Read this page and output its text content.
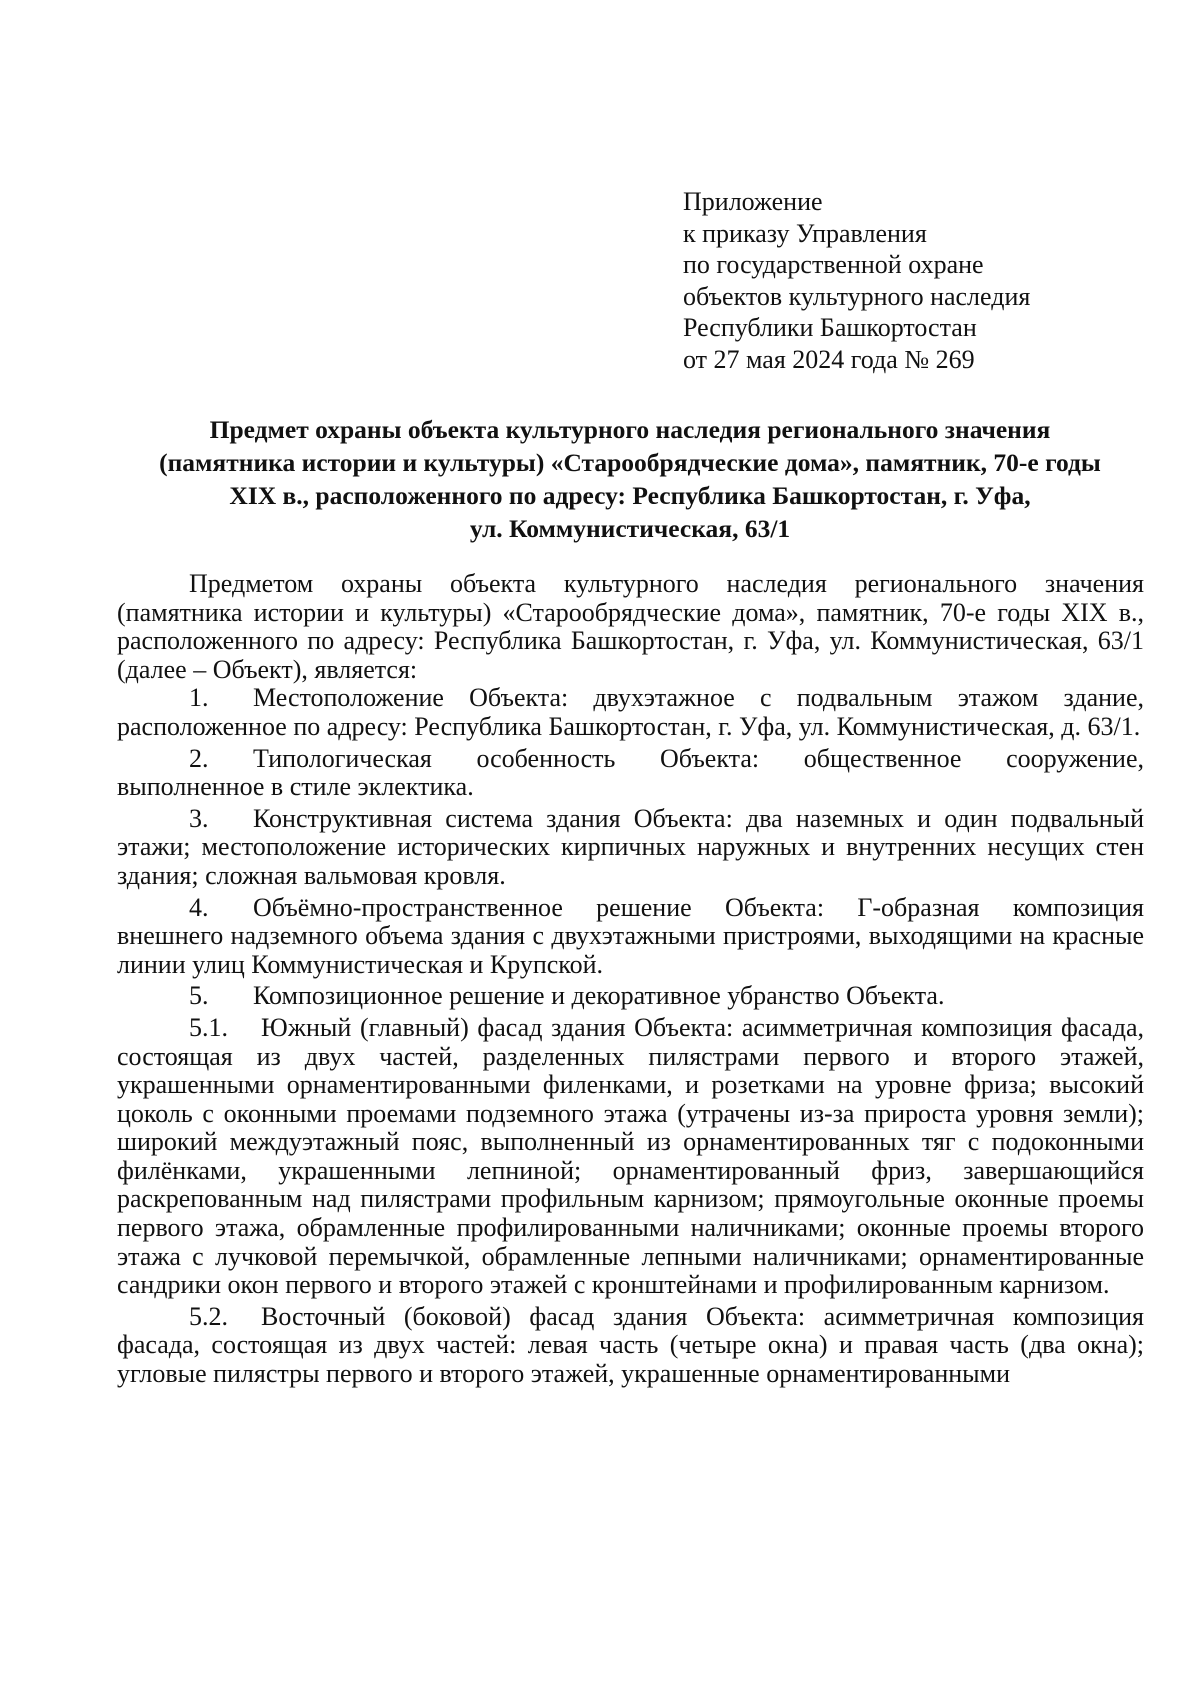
Приложение
к приказу Управления
по государственной охране
объектов культурного наследия
Республики Башкортостан
от 27 мая 2024 года № 269
Предмет охраны объекта культурного наследия регионального значения
(памятника истории и культуры) «Старообрядческие дома», памятник, 70-е годы
XIX в., расположенного по адресу: Республика Башкортостан, г. Уфа,
ул. Коммунистическая, 63/1

Предметом охраны объекта культурного наследия регионального значения (памятника истории и культуры) «Старообрядческие дома», памятник, 70-е годы XIX в., расположенного по адресу: Республика Башкортостан, г. Уфа, ул. Коммунистическая, 63/1 (далее – Объект), является:

1. Местоположение Объекта: двухэтажное с подвальным этажом здание, расположенное по адресу: Республика Башкортостан, г. Уфа, ул. Коммунистическая, д. 63/1.

2. Типологическая особенность Объекта: общественное сооружение, выполненное в стиле эклектика.

3. Конструктивная система здания Объекта: два наземных и один подвальный этажи; местоположение исторических кирпичных наружных и внутренних несущих стен здания; сложная вальмовая кровля.

4. Объёмно-пространственное решение Объекта: Г-образная композиция внешнего надземного объема здания с двухэтажными пристроями, выходящими на красные линии улиц Коммунистическая и Крупской.

5. Композиционное решение и декоративное убранство Объекта.

5.1. Южный (главный) фасад здания Объекта: асимметричная композиция фасада, состоящая из двух частей, разделенных пилястрами первого и второго этажей, украшенными орнаментированными филенками, и розетками на уровне фриза; высокий цоколь с оконными проемами подземного этажа (утрачены из-за прироста уровня земли); широкий междуэтажный пояс, выполненный из орнаментированных тяг с подоконными филёнками, украшенными лепниной; орнаментированный фриз, завершающийся раскрепованным над пилястрами профильным карнизом; прямоугольные оконные проемы первого этажа, обрамленные профилированными наличниками; оконные проемы второго этажа с лучковой перемычкой, обрамленные лепными наличниками; орнаментированные сандрики окон первого и второго этажей с кронштейнами и профилированным карнизом.

5.2. Восточный (боковой) фасад здания Объекта: асимметричная композиция фасада, состоящая из двух частей: левая часть (четыре окна) и правая часть (два окна); угловые пилястры первого и второго этажей, украшенные орнаментированными
